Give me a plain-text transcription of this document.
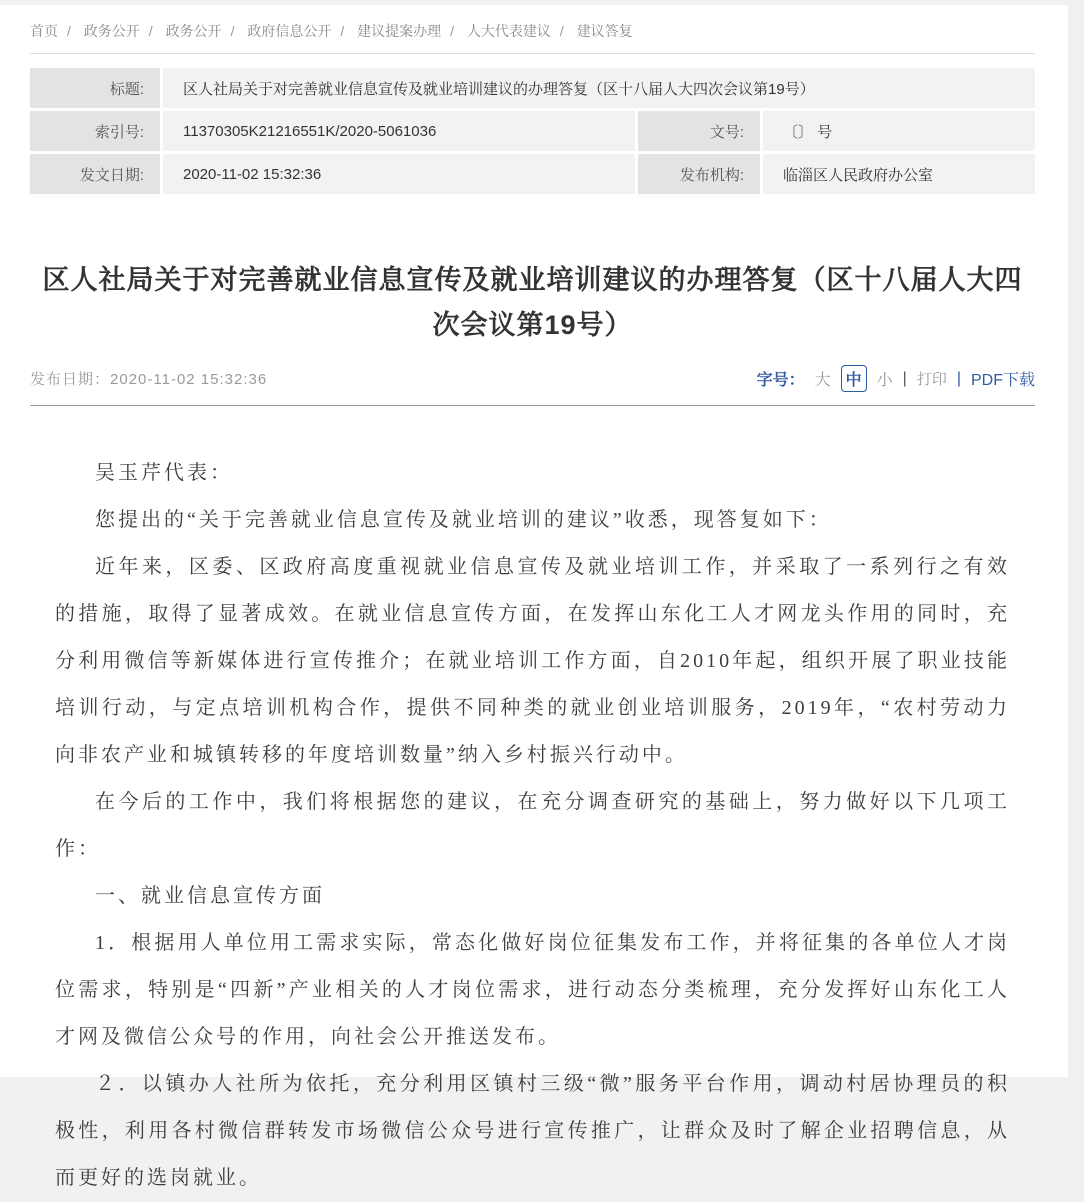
首页 / 政务公开 / 政务公开 / 政府信息公开 / 建议提案办理 / 人大代表建议 / 建议答复
标题:	区人社局关于对完善就业信息宣传及就业培训建议的办理答复（区十八届人大四次会议第19号）
索引号:	11370305K21216551K/2020-5061036	文号:	〔〕 号
发文日期:	2020-11-02 15:32:36	发布机构:	临淄区人民政府办公室
区人社局关于对完善就业信息宣传及就业培训建议的办理答复（区十八届人大四次会议第19号）
发布日期：2020-11-02 15:32:36	字号： 大 中 小 | 打印 | PDF下载

吴玉芹代表：

您提出的“关于完善就业信息宣传及就业培训的建议”收悉，现答复如下：

近年来，区委、区政府高度重视就业信息宣传及就业培训工作，并采取了一系列行之有效的措施，取得了显著成效。在就业信息宣传方面，在发挥山东化工人才网龙头作用的同时，充分利用微信等新媒体进行宣传推介；在就业培训工作方面，自2010年起，组织开展了职业技能培训行动，与定点培训机构合作，提供不同种类的就业创业培训服务，2019年，“农村劳动力向非农产业和城镇转移的年度培训数量”纳入乡村振兴行动中。

在今后的工作中，我们将根据您的建议，在充分调查研究的基础上，努力做好以下几项工作：

一、就业信息宣传方面

1．根据用人单位用工需求实际，常态化做好岗位征集发布工作，并将征集的各单位人才岗位需求，特别是“四新”产业相关的人才岗位需求，进行动态分类梳理，充分发挥好山东化工人才网及微信公众号的作用，向社会公开推送发布。

２．以镇办人社所为依托，充分利用区镇村三级“微”服务平台作用，调动村居协理员的积极性，利用各村微信群转发市场微信公众号进行宣传推广，让群众及时了解企业招聘信息，从而更好的选岗就业。
